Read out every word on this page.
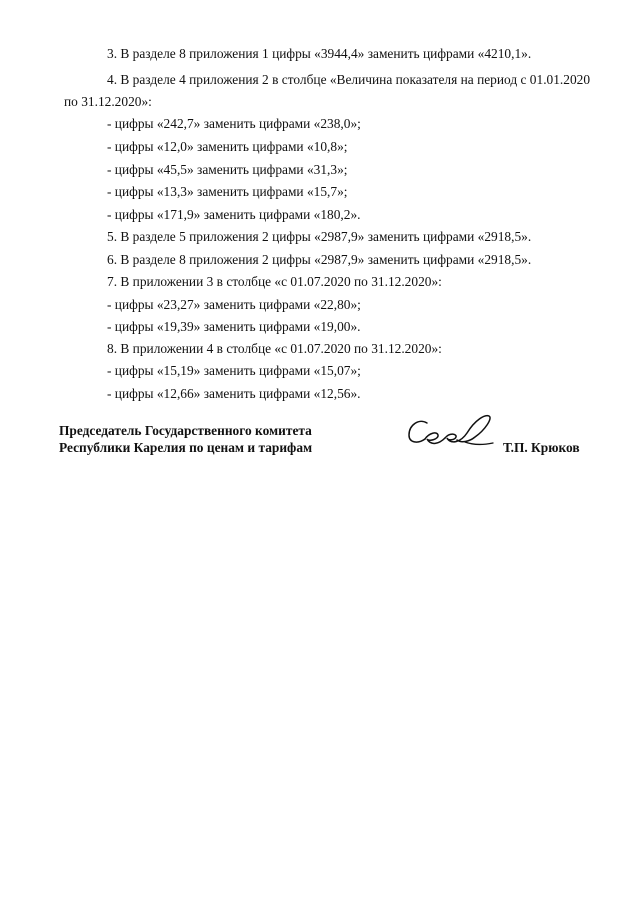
3. В разделе 8 приложения 1 цифры «3944,4» заменить цифрами «4210,1».

4. В разделе 4 приложения 2 в столбце «Величина показателя на период с 01.01.2020

по 31.12.2020»:

- цифры «242,7» заменить цифрами «238,0»;

- цифры «12,0» заменить цифрами «10,8»;

- цифры «45,5» заменить цифрами «31,3»;

- цифры «13,3» заменить цифрами «15,7»;

- цифры «171,9» заменить цифрами «180,2».

5. В разделе 5 приложения 2 цифры «2987,9» заменить цифрами «2918,5».

6. В разделе 8 приложения 2 цифры «2987,9» заменить цифрами «2918,5».

7. В приложении 3 в столбце «с 01.07.2020 по 31.12.2020»:

- цифры «23,27» заменить цифрами «22,80»;

- цифры «19,39» заменить цифрами «19,00».

8. В приложении 4 в столбце «с 01.07.2020 по 31.12.2020»:

- цифры «15,19» заменить цифрами «15,07»;

- цифры «12,66» заменить цифрами «12,56».

Председатель Государственного комитета
Республики Карелия по ценам и тарифам	Т.П. Крюков
